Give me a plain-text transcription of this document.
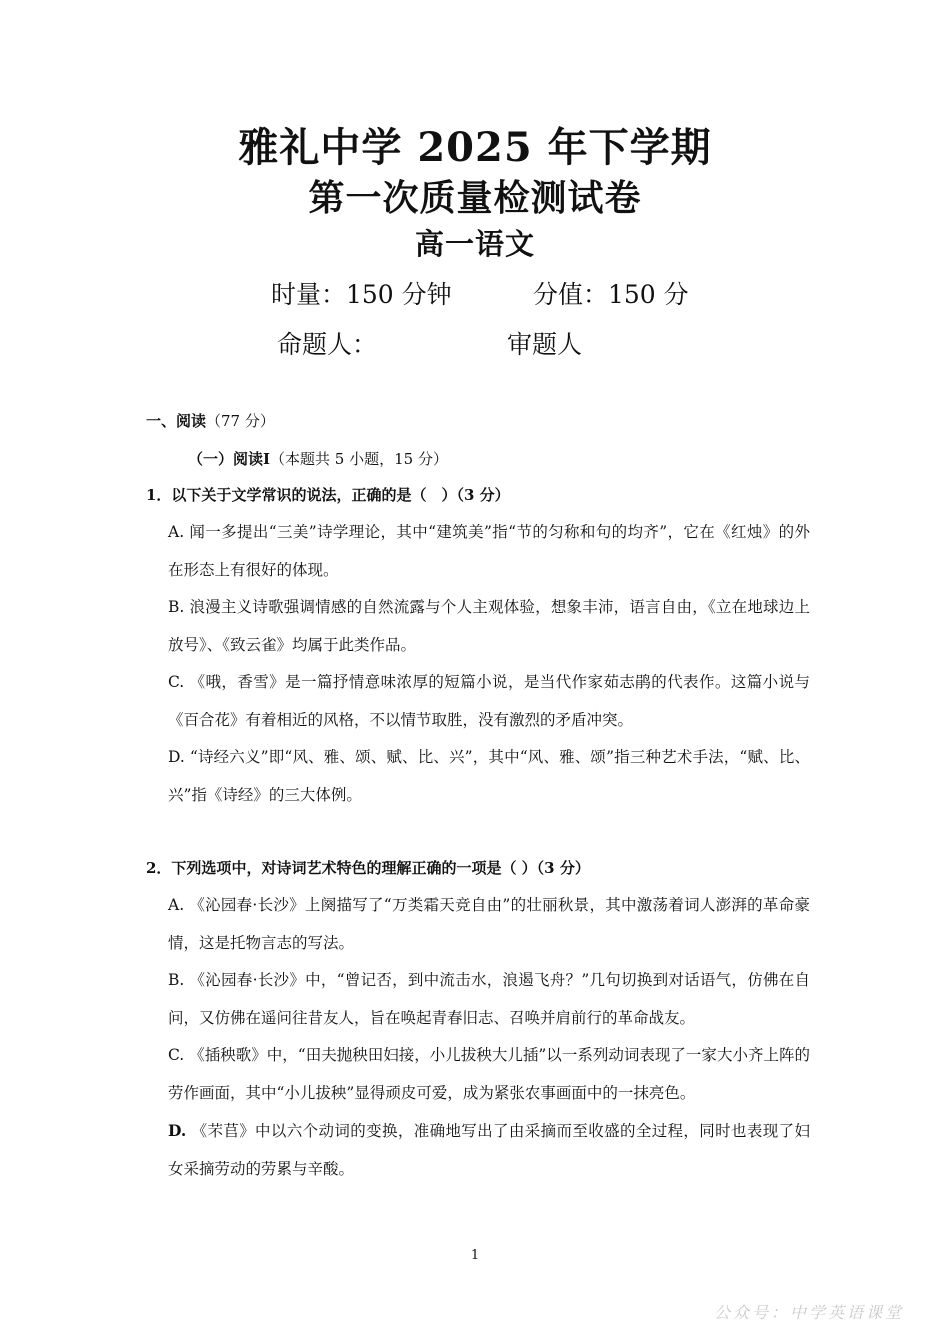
雅礼中学 2025 年下学期
第一次质量检测试卷
高一语文
时量：150 分钟	分值：150 分
命题人：	审题人
一、阅读（77 分）
（一）阅读Ⅰ（本题共 5 小题，15 分）
1．以下关于文学常识的说法，正确的是（　）（3 分）
A. 闻一多提出“三美”诗学理论，其中“建筑美”指“节的匀称和句的均齐”，它在《红烛》的外在形态上有很好的体现。
B. 浪漫主义诗歌强调情感的自然流露与个人主观体验，想象丰沛，语言自由，《立在地球边上放号》、《致云雀》均属于此类作品。
C. 《哦，香雪》是一篇抒情意味浓厚的短篇小说，是当代作家茹志鹃的代表作。这篇小说与《百合花》有着相近的风格，不以情节取胜，没有激烈的矛盾冲突。
D. “诗经六义”即“风、雅、颂、赋、比、兴”，其中“风、雅、颂”指三种艺术手法，“赋、比、兴”指《诗经》的三大体例。
2．下列选项中，对诗词艺术特色的理解正确的一项是（ ）（3 分）
A. 《沁园春·长沙》上阕描写了“万类霜天竞自由”的壮丽秋景，其中激荡着词人澎湃的革命豪情，这是托物言志的写法。
B. 《沁园春·长沙》中，“曾记否，到中流击水，浪遏飞舟？”几句切换到对话语气，仿佛在自问，又仿佛在遥问往昔友人，旨在唤起青春旧志、召唤并肩前行的革命战友。
C. 《插秧歌》中，“田夫抛秧田妇接，小儿拔秧大儿插”以一系列动词表现了一家大小齐上阵的劳作画面，其中“小儿拔秧”显得顽皮可爱，成为紧张农事画面中的一抹亮色。
D. 《芣苢》中以六个动词的变换，准确地写出了由采摘而至收盛的全过程，同时也表现了妇女采摘劳动的劳累与辛酸。
1
公众号：中学英语课堂
